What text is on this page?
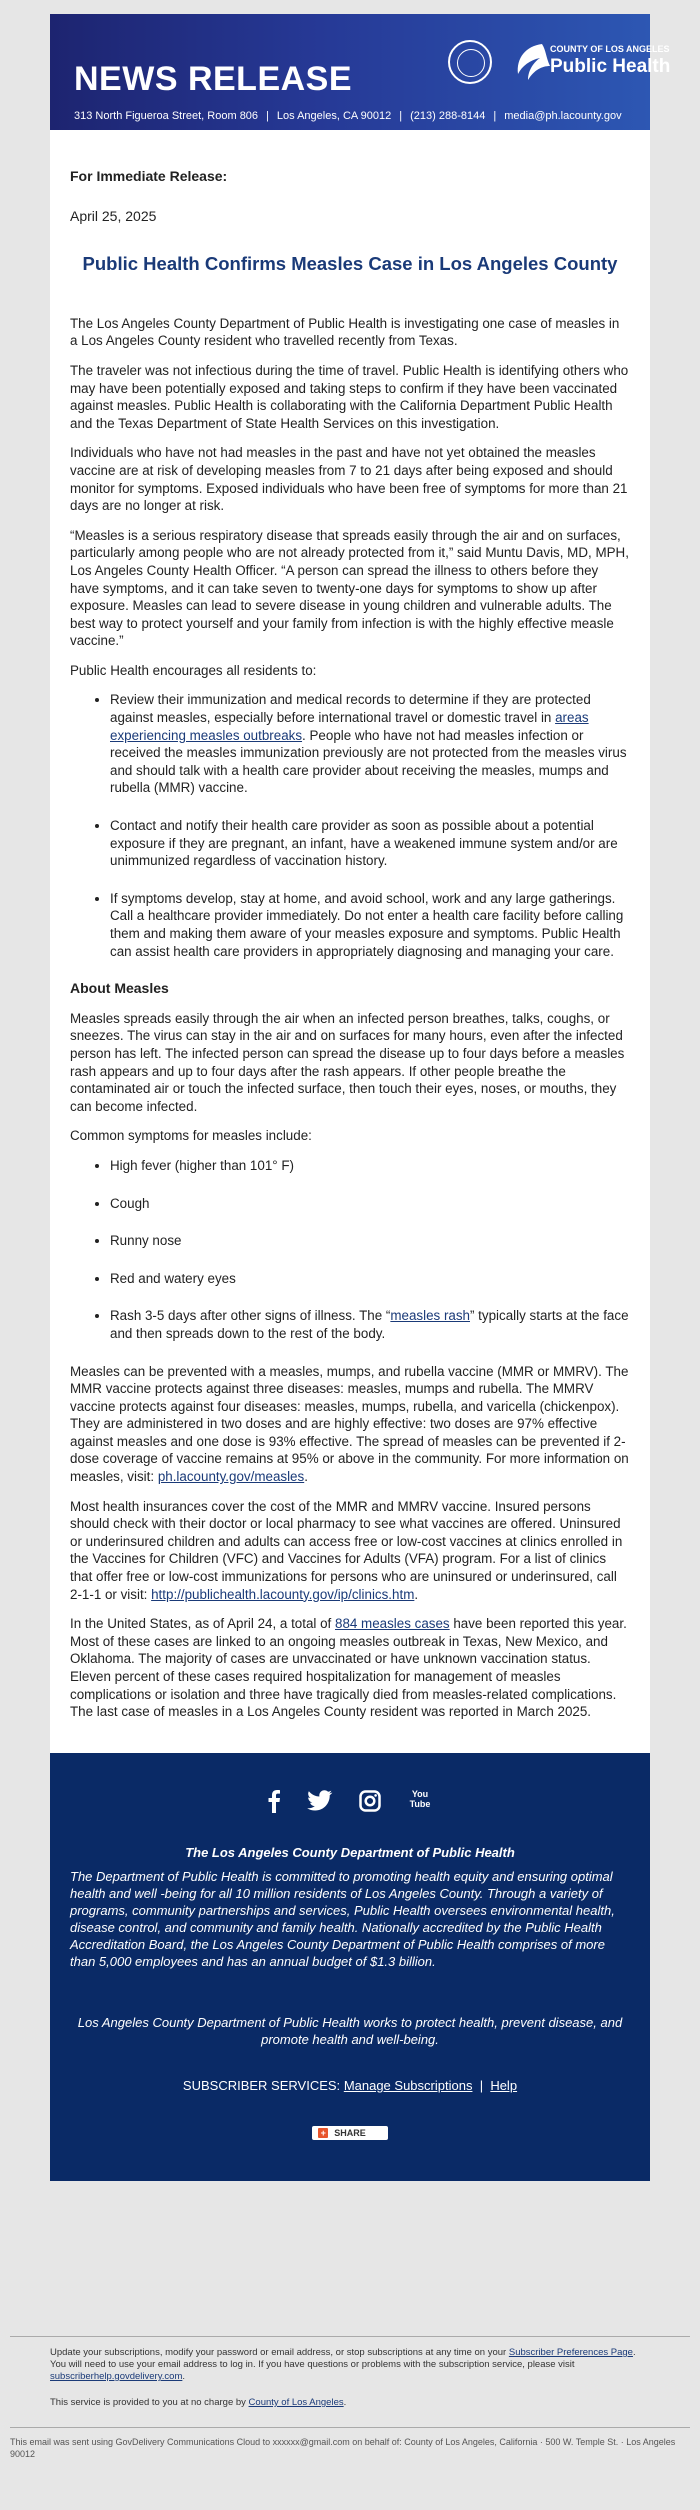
NEWS RELEASE
COUNTY OF LOS ANGELES
Public Health
313 North Figueroa Street, Room 806 | Los Angeles, CA 90012 | (213) 288-8144 | media@ph.lacounty.gov
For Immediate Release:
April 25, 2025
Public Health Confirms Measles Case in Los Angeles County

The Los Angeles County Department of Public Health is investigating one case of measles in a Los Angeles County resident who travelled recently from Texas.

The traveler was not infectious during the time of travel. Public Health is identifying others who may have been potentially exposed and taking steps to confirm if they have been vaccinated against measles. Public Health is collaborating with the California Department Public Health and the Texas Department of State Health Services on this investigation.

Individuals who have not had measles in the past and have not yet obtained the measles vaccine are at risk of developing measles from 7 to 21 days after being exposed and should monitor for symptoms. Exposed individuals who have been free of symptoms for more than 21 days are no longer at risk.

“Measles is a serious respiratory disease that spreads easily through the air and on surfaces, particularly among people who are not already protected from it,” said Muntu Davis, MD, MPH, Los Angeles County Health Officer. “A person can spread the illness to others before they have symptoms, and it can take seven to twenty-one days for symptoms to show up after exposure. Measles can lead to severe disease in young children and vulnerable adults. The best way to protect yourself and your family from infection is with the highly effective measle vaccine.”

Public Health encourages all residents to:

• Review their immunization and medical records to determine if they are protected against measles, especially before international travel or domestic travel in areas experiencing measles outbreaks. People who have not had measles infection or received the measles immunization previously are not protected from the measles virus and should talk with a health care provider about receiving the measles, mumps and rubella (MMR) vaccine.
• Contact and notify their health care provider as soon as possible about a potential exposure if they are pregnant, an infant, have a weakened immune system and/or are unimmunized regardless of vaccination history.
• If symptoms develop, stay at home, and avoid school, work and any large gatherings. Call a healthcare provider immediately. Do not enter a health care facility before calling them and making them aware of your measles exposure and symptoms. Public Health can assist health care providers in appropriately diagnosing and managing your care.
About Measles

Measles spreads easily through the air when an infected person breathes, talks, coughs, or sneezes. The virus can stay in the air and on surfaces for many hours, even after the infected person has left. The infected person can spread the disease up to four days before a measles rash appears and up to four days after the rash appears. If other people breathe the contaminated air or touch the infected surface, then touch their eyes, noses, or mouths, they can become infected.

Common symptoms for measles include:

• High fever (higher than 101° F)
• Cough
• Runny nose
• Red and watery eyes
• Rash 3-5 days after other signs of illness. The “measles rash” typically starts at the face and then spreads down to the rest of the body.

Measles can be prevented with a measles, mumps, and rubella vaccine (MMR or MMRV). The MMR vaccine protects against three diseases: measles, mumps and rubella. The MMRV vaccine protects against four diseases: measles, mumps, rubella, and varicella (chickenpox). They are administered in two doses and are highly effective: two doses are 97% effective against measles and one dose is 93% effective. The spread of measles can be prevented if 2-dose coverage of vaccine remains at 95% or above in the community. For more information on measles, visit: ph.lacounty.gov/measles.

Most health insurances cover the cost of the MMR and MMRV vaccine. Insured persons should check with their doctor or local pharmacy to see what vaccines are offered. Uninsured or underinsured children and adults can access free or low-cost vaccines at clinics enrolled in the Vaccines for Children (VFC) and Vaccines for Adults (VFA) program. For a list of clinics that offer free or low-cost immunizations for persons who are uninsured or underinsured, call 2-1-1 or visit: http://publichealth.lacounty.gov/ip/clinics.htm.

In the United States, as of April 24, a total of 884 measles cases have been reported this year. Most of these cases are linked to an ongoing measles outbreak in Texas, New Mexico, and Oklahoma. The majority of cases are unvaccinated or have unknown vaccination status. Eleven percent of these cases required hospitalization for management of measles complications or isolation and three have tragically died from measles-related complications. The last case of measles in a Los Angeles County resident was reported in March 2025.

You Tube
The Los Angeles County Department of Public Health
The Department of Public Health is committed to promoting health equity and ensuring optimal health and well -being for all 10 million residents of Los Angeles County. Through a variety of programs, community partnerships and services, Public Health oversees environmental health, disease control, and community and family health. Nationally accredited by the Public Health Accreditation Board, the Los Angeles County Department of Public Health comprises of more than 5,000 employees and has an annual budget of $1.3 billion.
Los Angeles County Department of Public Health works to protect health, prevent disease, and promote health and well-being.
SUBSCRIBER SERVICES: Manage Subscriptions | Help
+ SHARE
Update your subscriptions, modify your password or email address, or stop subscriptions at any time on your Subscriber Preferences Page. You will need to use your email address to log in. If you have questions or problems with the subscription service, please visit subscriberhelp.govdelivery.com.
This service is provided to you at no charge by County of Los Angeles.
This email was sent using GovDelivery Communications Cloud to xxxxxx@gmail.com on behalf of: County of Los Angeles, California · 500 W. Temple St. · Los Angeles 90012
